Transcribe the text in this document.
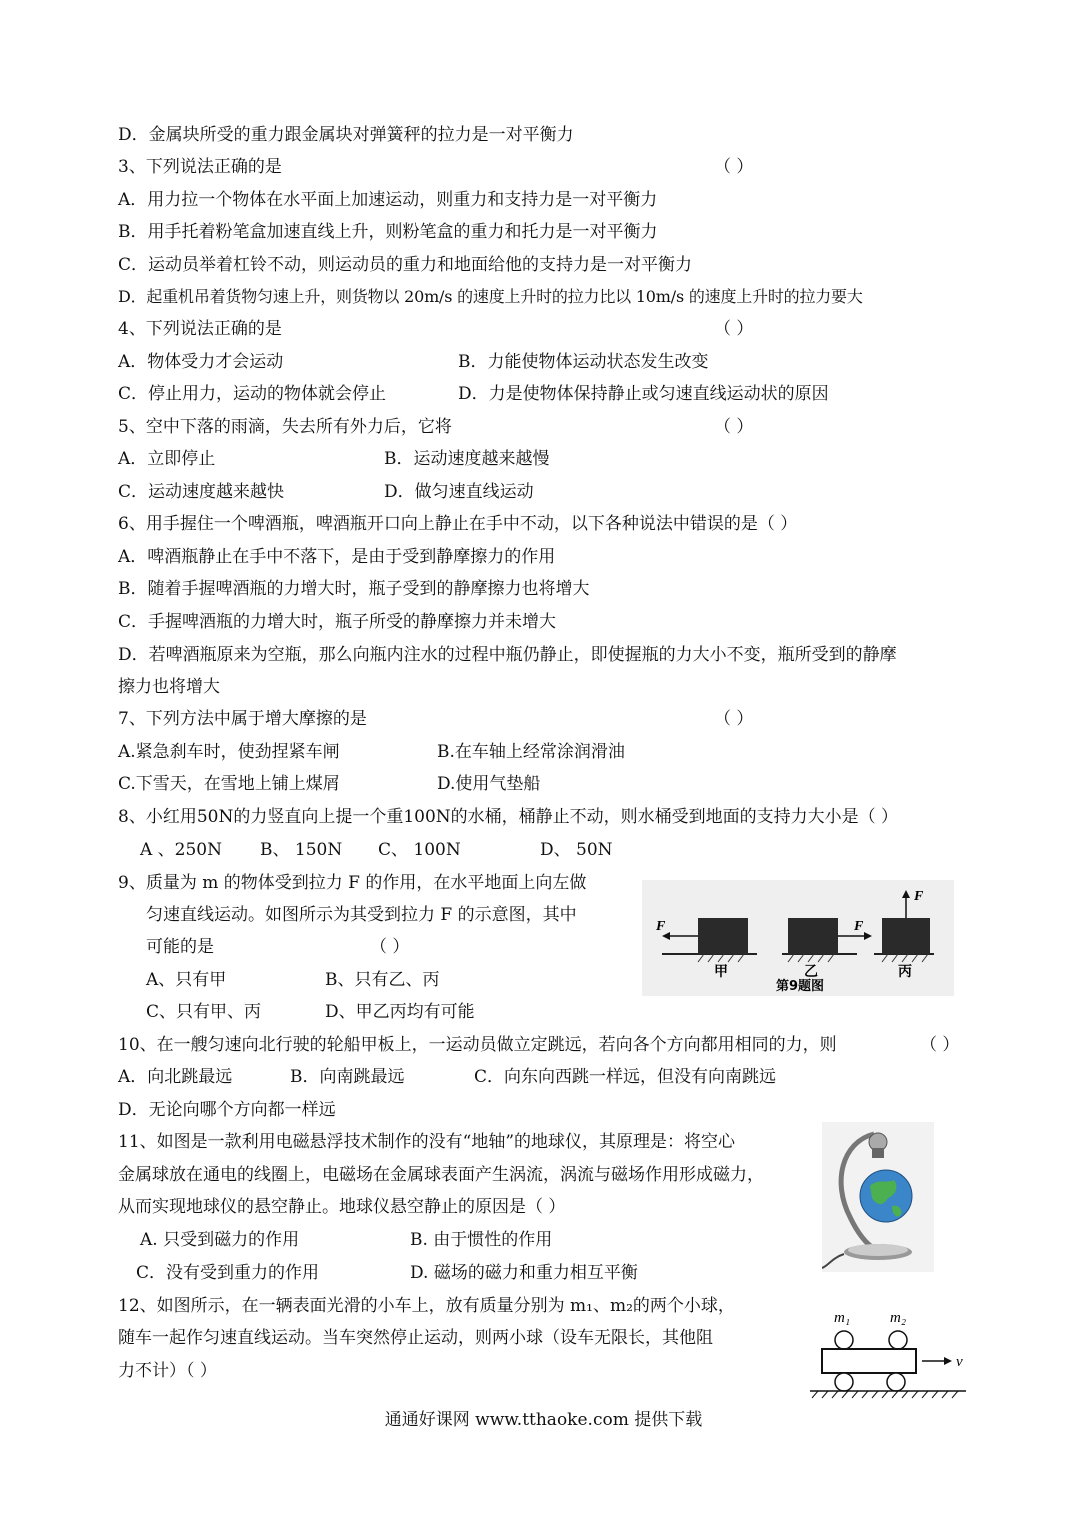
D．金属块所受的重力跟金属块对弹簧秤的拉力是一对平衡力
3、下列说法正确的是	（ ）
A．用力拉一个物体在水平面上加速运动，则重力和支持力是一对平衡力
B．用手托着粉笔盒加速直线上升，则粉笔盒的重力和托力是一对平衡力
C．运动员举着杠铃不动，则运动员的重力和地面给他的支持力是一对平衡力
D．起重机吊着货物匀速上升，则货物以 20m/s 的速度上升时的拉力比以 10m/s 的速度上升时的拉力要大
4、下列说法正确的是	（ ）
A．物体受力才会运动	B．力能使物体运动状态发生改变
C．停止用力，运动的物体就会停止	D．力是使物体保持静止或匀速直线运动状的原因
5、空中下落的雨滴，失去所有外力后，它将	（ ）
A．立即停止	B．运动速度越来越慢
C．运动速度越来越快	D．做匀速直线运动
6、用手握住一个啤酒瓶，啤酒瓶开口向上静止在手中不动，以下各种说法中错误的是（ ）
A．啤酒瓶静止在手中不落下，是由于受到静摩擦力的作用
B．随着手握啤酒瓶的力增大时，瓶子受到的静摩擦力也将增大
C．手握啤酒瓶的力增大时，瓶子所受的静摩擦力并未增大
D．若啤酒瓶原来为空瓶，那么向瓶内注水的过程中瓶仍静止，即使握瓶的力大小不变，瓶所受到的静摩
擦力也将增大
7、下列方法中属于增大摩擦的是	（ ）
A.紧急刹车时，使劲捏紧车闸	B.在车轴上经常涂润滑油
C.下雪天，在雪地上铺上煤屑	D.使用气垫船
8、小红用50N的力竖直向上提一个重100N的水桶，桶静止不动，则水桶受到地面的支持力大小是（ ）
A 、250N B、 150N C、 100N	D、 50N
9、质量为 m 的物体受到拉力 F 的作用，在水平地面上向左做
匀速直线运动。如图所示为其受到拉力 F 的示意图，其中
可能的是	（ ）
A、只有甲	B、只有乙、丙
C、只有甲、丙	D、甲乙丙均有可能
10、在一艘匀速向北行驶的轮船甲板上，一运动员做立定跳远，若向各个方向都用相同的力，则	（ ）
A．向北跳最远	B．向南跳最远	C．向东向西跳一样远，但没有向南跳远
D．无论向哪个方向都一样远
11、如图是一款利用电磁悬浮技术制作的没有“地轴”的地球仪，其原理是：将空心
金属球放在通电的线圈上，电磁场在金属球表面产生涡流，涡流与磁场作用形成磁力，
从而实现地球仪的悬空静止。地球仪悬空静止的原因是（ ）
A. 只受到磁力的作用	B. 由于惯性的作用
C．没有受到重力的作用	D. 磁场的磁力和重力相互平衡
12、如图所示，在一辆表面光滑的小车上，放有质量分别为 m₁、m₂的两个小球，
随车一起作匀速直线运动。当车突然停止运动，则两小球（设车无限长，其他阻
力不计）（ ）
F	F
F
甲	乙	丙
第9题图
m₁	m₂
v
通通好课网 www.tthaoke.com 提供下载
